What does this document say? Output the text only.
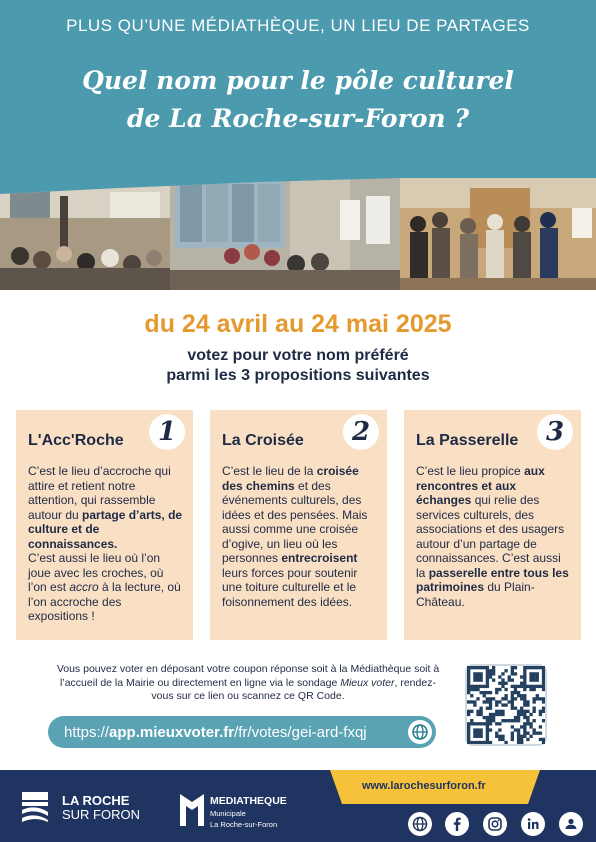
PLUS QU’UNE MÉDIATHÈQUE, UN LIEU DE PARTAGES
Quel nom pour le pôle culturel
de La Roche-sur-Foron ?
du 24 avril au 24 mai 2025
votez pour votre nom préféré
parmi les 3 propositions suivantes
L'Acc'Roche	1
C’est le lieu d’accroche qui attire et retient notre attention, qui rassemble autour du partage d’arts, de culture et de connaissances.
C’est aussi le lieu où l’on joue avec les croches, où l’on est accro à la lecture, où l’on accroche des expositions !
La Croisée	2
C’est le lieu de la croisée des chemins et des événements culturels, des idées et des pensées. Mais aussi comme une croisée d’ogive, un lieu où les personnes entrecroisent leurs forces pour soutenir une toiture culturelle et le foisonnement des idées.
La Passerelle	3
C’est le lieu propice aux rencontres et aux échanges qui relie des services culturels, des associations et des usagers autour d’un partage de connaissances. C’est aussi la passerelle entre tous les patrimoines du Plain-Château.
Vous pouvez voter en déposant votre coupon réponse soit à la Médiathèque soit à l’accueil de la Mairie ou directement en ligne via le sondage Mieux voter, rendez-vous sur ce lien ou scannez ce QR Code.
https:// app.mieuxvoter.fr /fr/votes/gei-ard-fxqj
www.larochesurforon.fr
LA ROCHE
SUR FORON
MEDIATHEQUE
Municipale
La Roche-sur-Foron
